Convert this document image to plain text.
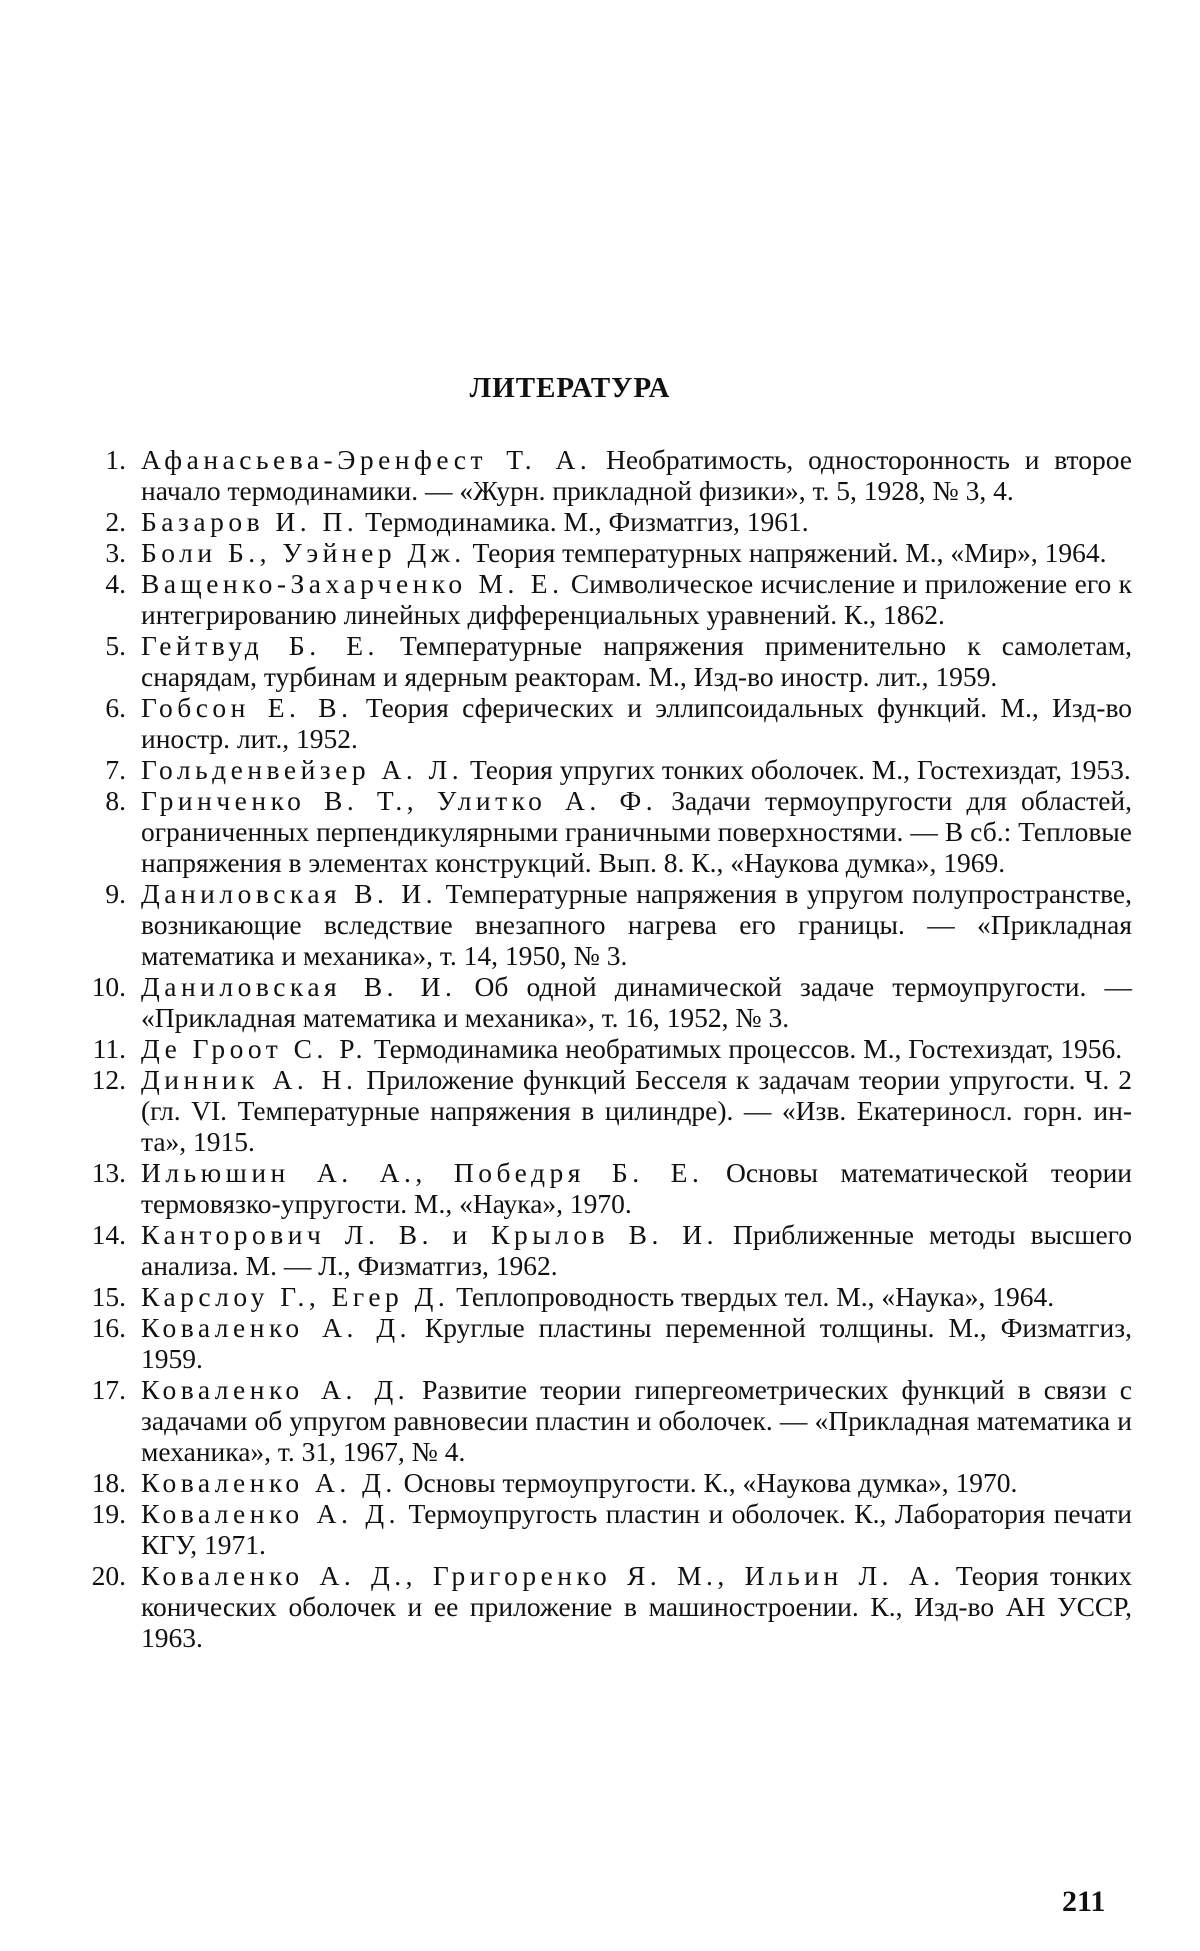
ЛИТЕРАТУРА
1. Афанасьева-Эренфест Т. А. Необратимость, односторонность и второе начало термодинамики. — «Журн. прикладной физики», т. 5, 1928, № 3, 4.
2. Базаров И. П. Термодинамика. М., Физматгиз, 1961.
3. Боли Б., Уэйнер Дж. Теория температурных напряжений. М., «Мир», 1964.
4. Ващенко-Захарченко М. Е. Символическое исчисление и приложение его к интегрированию линейных дифференциальных уравнений. К., 1862.
5. Гейтвуд Б. Е. Температурные напряжения применительно к самолетам, снарядам, турбинам и ядерным реакторам. М., Изд-во иностр. лит., 1959.
6. Гобсон Е. В. Теория сферических и эллипсоидальных функций. М., Изд-во иностр. лит., 1952.
7. Гольденвейзер А. Л. Теория упругих тонких оболочек. М., Гостехиздат, 1953.
8. Гринченко В. Т., Улитко А. Ф. Задачи термоупругости для областей, ограниченных перпендикулярными граничными поверхностями. — В сб.: Тепловые напряжения в элементах конструкций. Вып. 8. К., «Наукова думка», 1969.
9. Даниловская В. И. Температурные напряжения в упругом полупространстве, возникающие вследствие внезапного нагрева его границы. — «Прикладная математика и механика», т. 14, 1950, № 3.
10. Даниловская В. И. Об одной динамической задаче термоупругости. — «Прикладная математика и механика», т. 16, 1952, № 3.
11. Де Гроот С. Р. Термодинамика необратимых процессов. М., Гостехиздат, 1956.
12. Динник А. Н. Приложение функций Бесселя к задачам теории упругости. Ч. 2 (гл. VI. Температурные напряжения в цилиндре). — «Изв. Екатериносл. горн. ин-та», 1915.
13. Ильюшин А. А., Победря Б. Е. Основы математической теории термовязко-упругости. М., «Наука», 1970.
14. Канторович Л. В. и Крылов В. И. Приближенные методы высшего анализа. М. — Л., Физматгиз, 1962.
15. Карслоу Г., Егер Д. Теплопроводность твердых тел. М., «Наука», 1964.
16. Коваленко А. Д. Круглые пластины переменной толщины. М., Физматгиз, 1959.
17. Коваленко А. Д. Развитие теории гипергеометрических функций в связи с задачами об упругом равновесии пластин и оболочек. — «Прикладная математика и механика», т. 31, 1967, № 4.
18. Коваленко А. Д. Основы термоупругости. К., «Наукова думка», 1970.
19. Коваленко А. Д. Термоупругость пластин и оболочек. К., Лаборатория печати КГУ, 1971.
20. Коваленко А. Д., Григоренко Я. М., Ильин Л. А. Теория тонких конических оболочек и ее приложение в машиностроении. К., Изд-во АН УССР, 1963.
211
